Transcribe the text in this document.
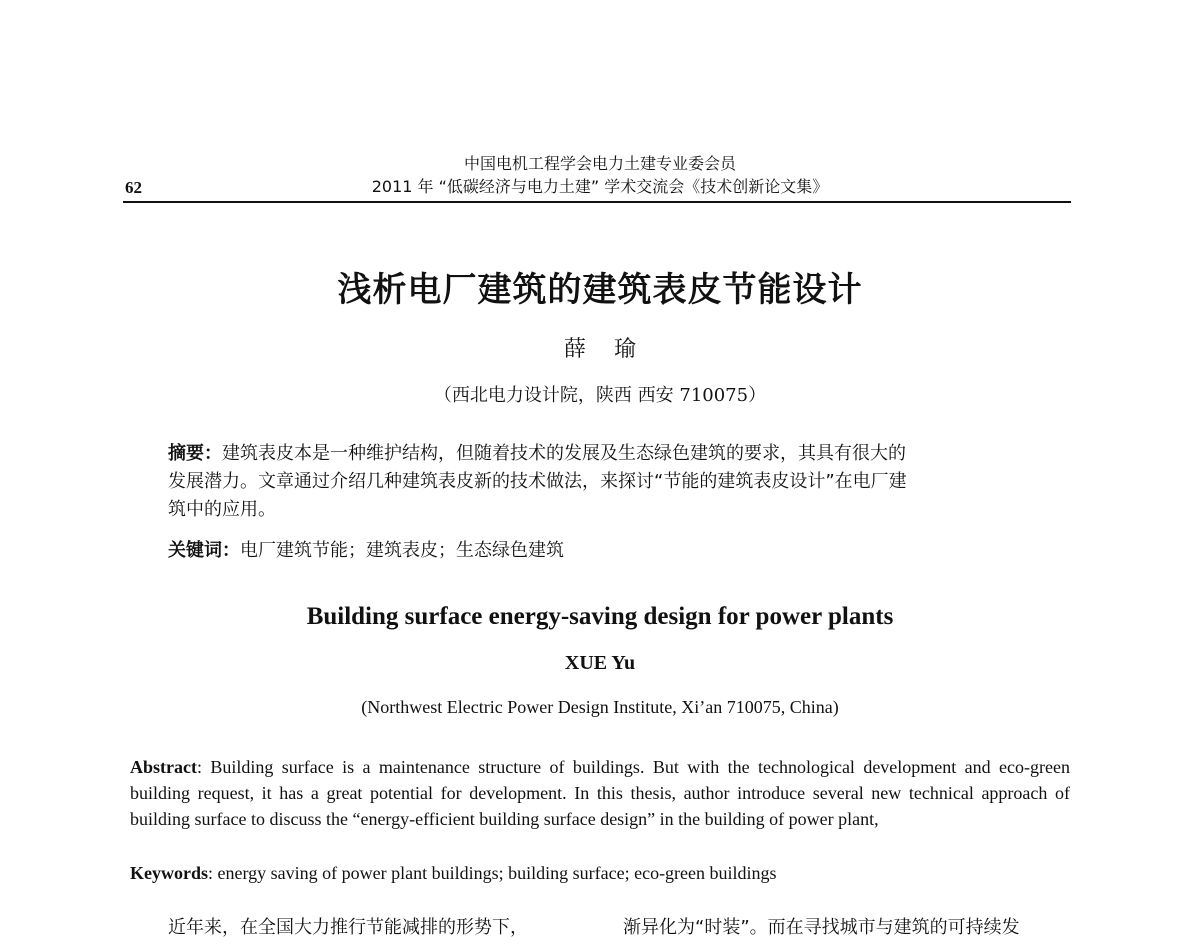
中国电机工程学会电力土建专业委会员
2011 年 “低碳经济与电力土建” 学术交流会《技术创新论文集》
62
浅析电厂建筑的建筑表皮节能设计
薛瑜
（西北电力设计院，陕西 西安 710075）
摘要：建筑表皮本是一种维护结构，但随着技术的发展及生态绿色建筑的要求，其具有很大的
发展潜力。文章通过介绍几种建筑表皮新的技术做法，来探讨“节能的建筑表皮设计”在电厂建
筑中的应用。
关键词：电厂建筑节能；建筑表皮；生态绿色建筑
Building surface energy-saving design for power plants
XUE Yu
(Northwest Electric Power Design Institute, Xi’an 710075, China)
Abstract: Building surface is a maintenance structure of buildings. But with the technological development and eco-green building request, it has a great potential for development. In this thesis, author introduce several new technical approach of building surface to discuss the “energy-efficient building surface design” in the building of power plant,
Keywords: energy saving of power plant buildings; building surface; eco-green buildings
近年来，在全国大力推行节能减排的形势下，	渐异化为“时装”。而在寻找城市与建筑的可持续发
